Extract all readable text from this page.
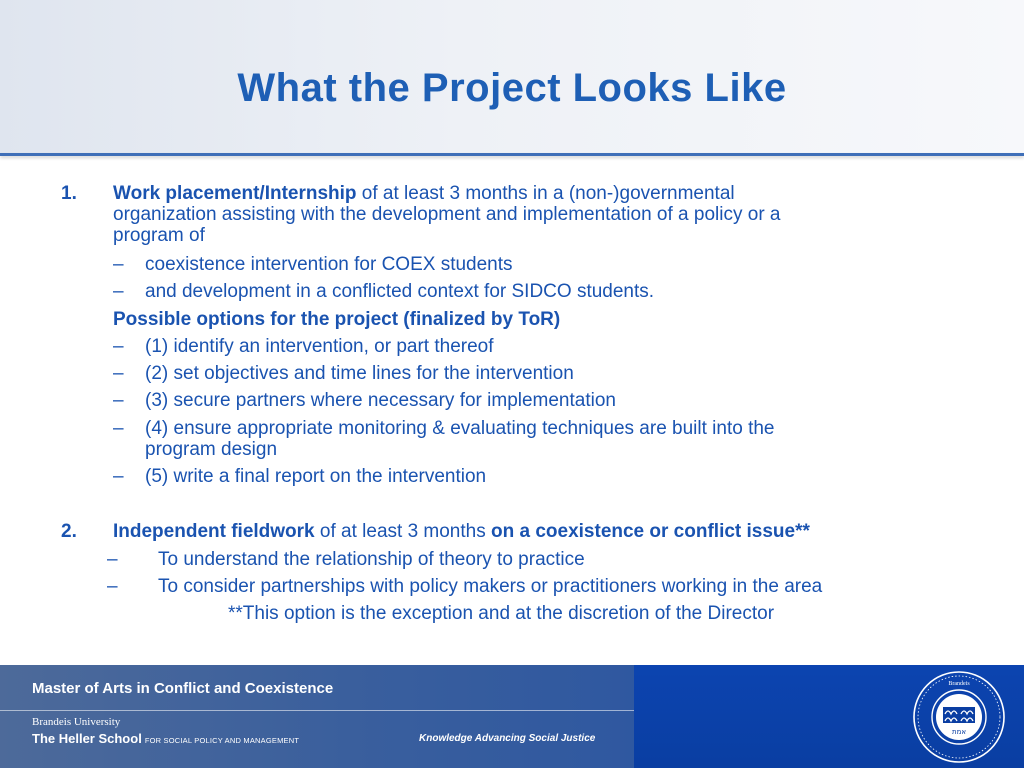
What the Project Looks Like
1. Work placement/Internship of at least 3 months in a (non-)governmental
organization assisting with the development and implementation of a policy or a
program of
– coexistence intervention for COEX students
– and development in a conflicted context for SIDCO students.
Possible options for the project (finalized by ToR)
– (1) identify an intervention, or part thereof
– (2) set objectives and time lines for the intervention
– (3) secure partners where necessary for implementation
– (4) ensure appropriate monitoring & evaluating techniques are built into the
program design
– (5) write a final report on the intervention
2. Independent fieldwork of at least 3 months on a coexistence or conflict issue**
– To understand the relationship of theory to practice
– To consider partnerships with policy makers or practitioners working in the area
**This option is the exception and at the discretion of the Director
Master of Arts in Conflict and Coexistence
Brandeis University
The Heller School FOR SOCIAL POLICY AND MANAGEMENT	Knowledge Advancing Social Justice
אמת
Brandeis
